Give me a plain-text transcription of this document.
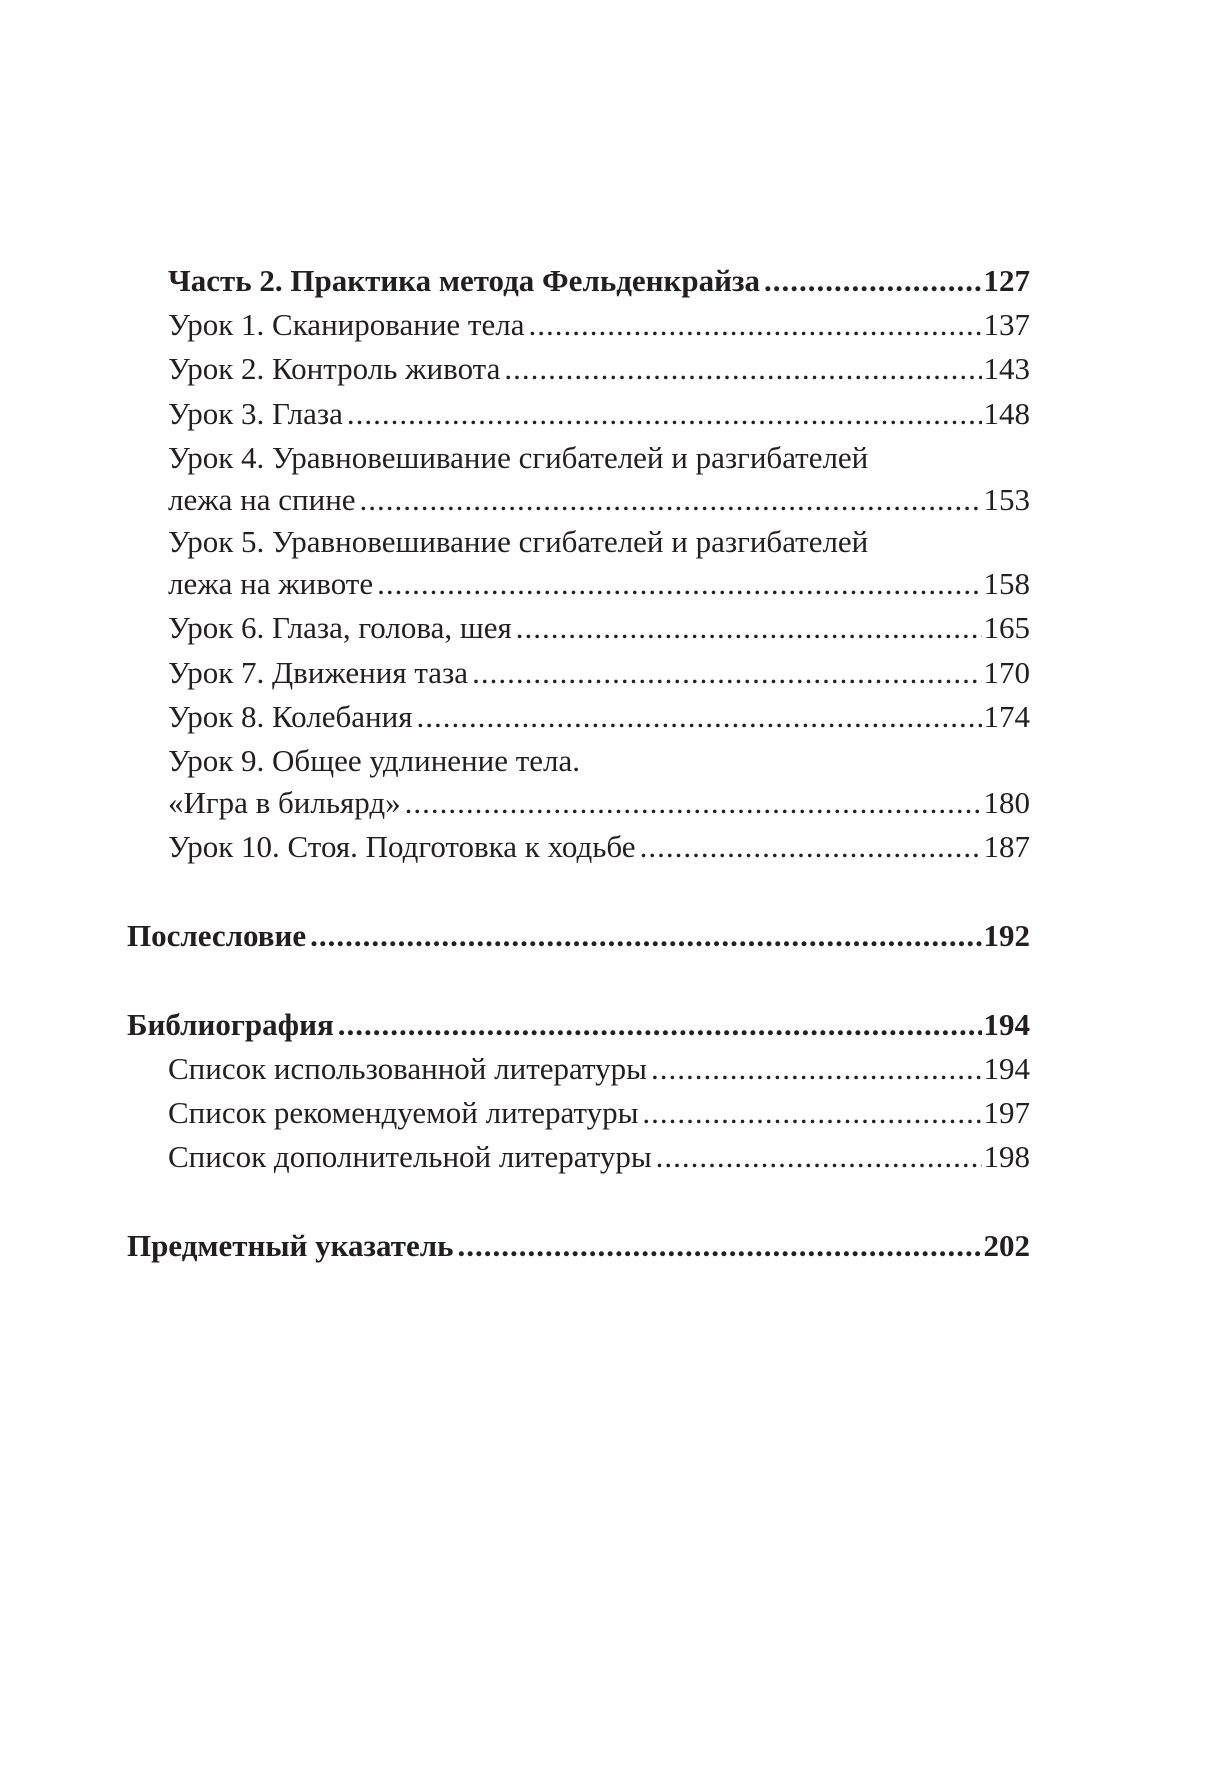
Часть 2. Практика метода Фельденкрайза .....	127
Урок 1. Сканирование тела .....	137
Урок 2. Контроль живота .....	143
Урок 3. Глаза .....	148
Урок 4. Уравновешивание сгибателей и разгибателей
лежа на спине .....	153
Урок 5. Уравновешивание сгибателей и разгибателей
лежа на животе .....	158
Урок 6. Глаза, голова, шея .....	165
Урок 7. Движения таза .....	170
Урок 8. Колебания .....	174
Урок 9. Общее удлинение тела.
«Игра в бильярд» .....	180
Урок 10. Стоя. Подготовка к ходьбе .....	187
Послесловие .....	192
Библиография .....	194
Список использованной литературы .....	194
Список рекомендуемой литературы .....	197
Список дополнительной литературы .....	198
Предметный указатель .....	202
